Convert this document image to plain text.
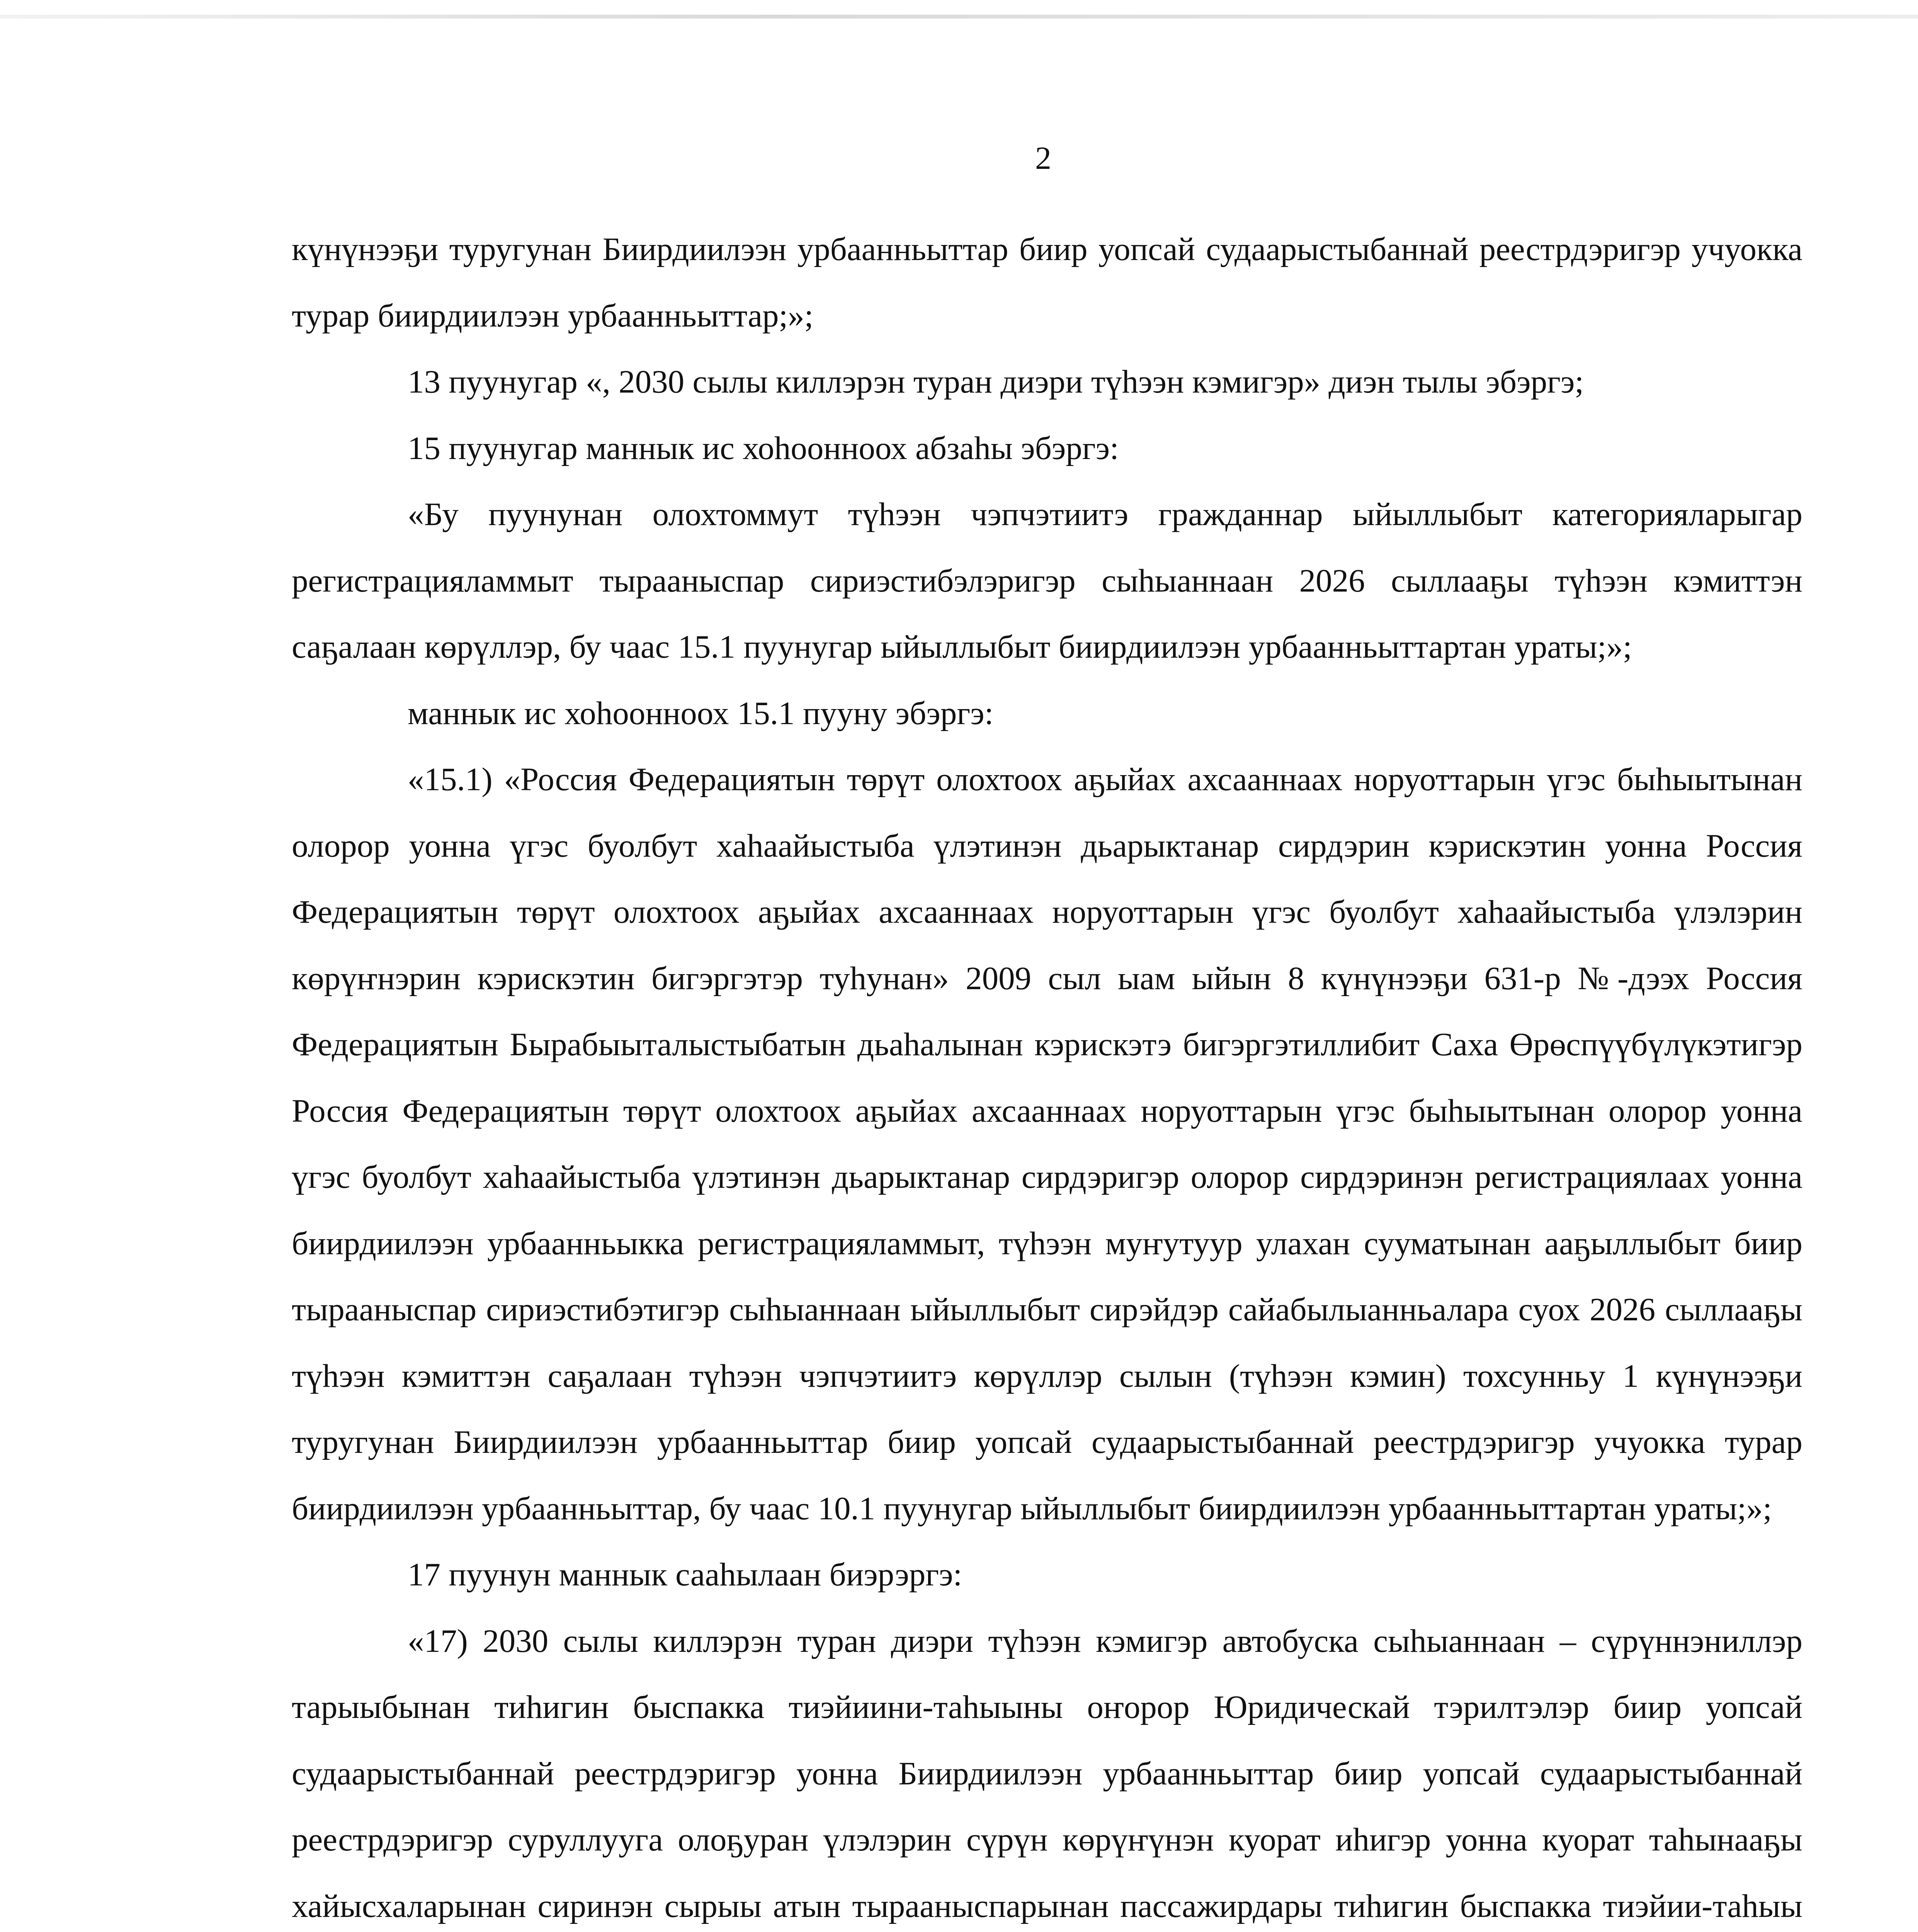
2

күнүнээҕи туругунан Биирдиилээн урбаанньыттар биир уопсай судаарыстыбаннай реестрдэригэр учуокка турар биирдиилээн урбаанньыттар;»;

13 пуунугар «, 2030 сылы киллэрэн туран диэри түһээн кэмигэр» диэн тылы эбэргэ;

15 пуунугар маннык ис хоһоонноох абзаһы эбэргэ:

«Бу пуунунан олохтоммут түһээн чэпчэтиитэ гражданнар ыйыллыбыт категорияларыгар регистрацияламмыт тырааныспар сириэстибэлэригэр сыһыаннаан 2026 сыллааҕы түһээн кэмиттэн саҕалаан көрүллэр, бу чаас 15.1 пуунугар ыйыллыбыт биирдиилээн урбаанньыттартан ураты;»;

маннык ис хоһоонноох 15.1 пууну эбэргэ:

«15.1) «Россия Федерациятын төрүт олохтоох аҕыйах ахсааннаах норуоттарын үгэс быһыытынан олорор уонна үгэс буолбут хаһаайыстыба үлэтинэн дьарыктанар сирдэрин кэрискэтин уонна Россия Федерациятын төрүт олохтоох аҕыйах ахсааннаах норуоттарын үгэс буолбут хаһаайыстыба үлэлэрин көрүҥнэрин кэрискэтин бигэргэтэр туһунан» 2009 сыл ыам ыйын 8 күнүнээҕи 631-р №-дээх Россия Федерациятын Бырабыыталыстыбатын дьаһалынан кэрискэтэ бигэргэтиллибит Саха Өрөспүүбүлүкэтигэр Россия Федерациятын төрүт олохтоох аҕыйах ахсааннаах норуоттарын үгэс быһыытынан олорор уонна үгэс буолбут хаһаайыстыба үлэтинэн дьарыктанар сирдэригэр олорор сирдэринэн регистрациялаах уонна биирдиилээн урбаанньыкка регистрацияламмыт, түһээн муҥутуур улахан сууматынан ааҕыллыбыт биир тырааныспар сириэстибэтигэр сыһыаннаан ыйыллыбыт сирэйдэр сайабылыанньалара суох 2026 сыллааҕы түһээн кэмиттэн саҕалаан түһээн чэпчэтиитэ көрүллэр сылын (түһээн кэмин) тохсунньу 1 күнүнээҕи туругунан Биирдиилээн урбаанньыттар биир уопсай судаарыстыбаннай реестрдэригэр учуокка турар биирдиилээн урбаанньыттар, бу чаас 10.1 пуунугар ыйыллыбыт биирдиилээн урбаанньыттартан ураты;»;

17 пуунун маннык сааһылаан биэрэргэ:

«17) 2030 сылы киллэрэн туран диэри түһээн кэмигэр автобуска сыһыаннаан – сүрүннэниллэр тарыыбынан тиһигин быспакка тиэйиини-таһыыны оҥорор Юридическай тэрилтэлэр биир уопсай судаарыстыбаннай реестрдэригэр уонна Биирдиилээн урбаанньыттар биир уопсай судаарыстыбаннай реестрдэригэр суруллууга олоҕуран үлэлэрин сүрүн көрүҥүнэн куорат иһигэр уонна куорат таһынааҕы хайысхаларынан сиринэн сырыы атын тырааныспарынан пассажирдары тиһигин быспакка тиэйии-таһыы
